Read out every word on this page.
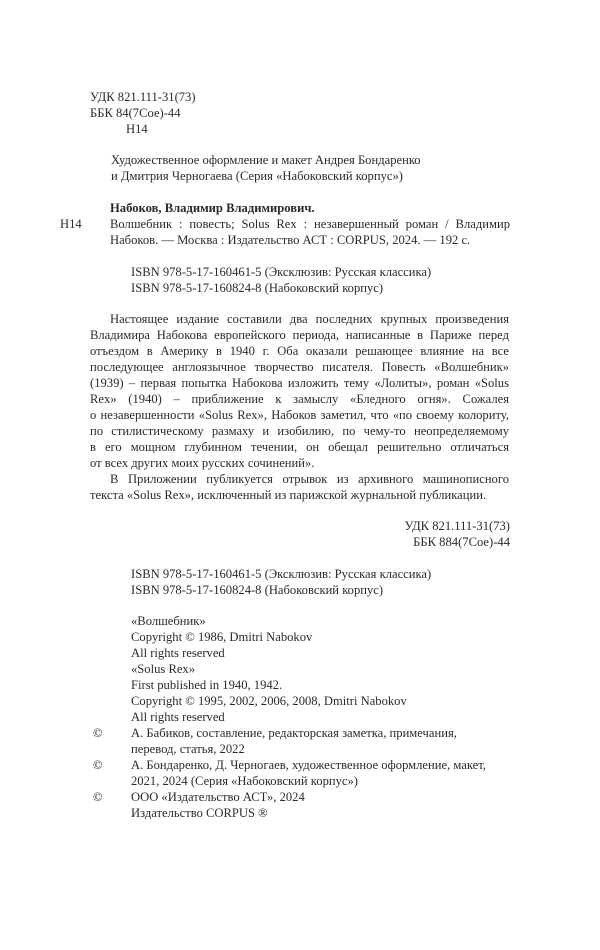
УДК 821.111-31(73)
ББК 84(7Сое)-44
Н14
Художественное оформление и макет Андрея Бондаренко
и Дмитрия Черногаева (Серия «Набоковский корпус»)
Набоков, Владимир Владимирович.
Н14 Волшебник : повесть; Solus Rex : незавершенный роман / Владимир
Набоков. — Москва : Издательство АСТ : CORPUS, 2024. — 192 с.
ISBN 978-5-17-160461-5 (Эксклюзив: Русская классика)
ISBN 978-5-17-160824-8 (Набоковский корпус)
Настоящее издание составили два последних крупных произведения
Владимира Набокова европейского периода, написанные в Париже перед
отъездом в Америку в 1940 г. Оба оказали решающее влияние на все
последующее англоязычное творчество писателя. Повесть «Волшебник»
(1939) – первая попытка Набокова изложить тему «Лолиты», роман «Solus
Rex» (1940) – приближение к замыслу «Бледного огня». Сожалея
о незавершенности «Solus Rex», Набоков заметил, что «по своему колориту,
по стилистическому размаху и изобилию, по чему-то неопределяемому
в его мощном глубинном течении, он обещал решительно отличаться
от всех других моих русских сочинений».
В Приложении публикуется отрывок из архивного машинописного
текста «Solus Rex», исключенный из парижской журнальной публикации.
УДК 821.111-31(73)
ББК 884(7Сое)-44
ISBN 978-5-17-160461-5 (Эксклюзив: Русская классика)
ISBN 978-5-17-160824-8 (Набоковский корпус)
«Волшебник»
Copyright © 1986, Dmitri Nabokov
All rights reserved
«Solus Rex»
First published in 1940, 1942.
Copyright © 1995, 2002, 2006, 2008, Dmitri Nabokov
All rights reserved
© А. Бабиков, составление, редакторская заметка, примечания,
перевод, статья, 2022
© А. Бондаренко, Д. Черногаев, художественное оформление, макет,
2021, 2024 (Серия «Набоковский корпус»)
© ООО «Издательство АСТ», 2024
Издательство CORPUS ®
